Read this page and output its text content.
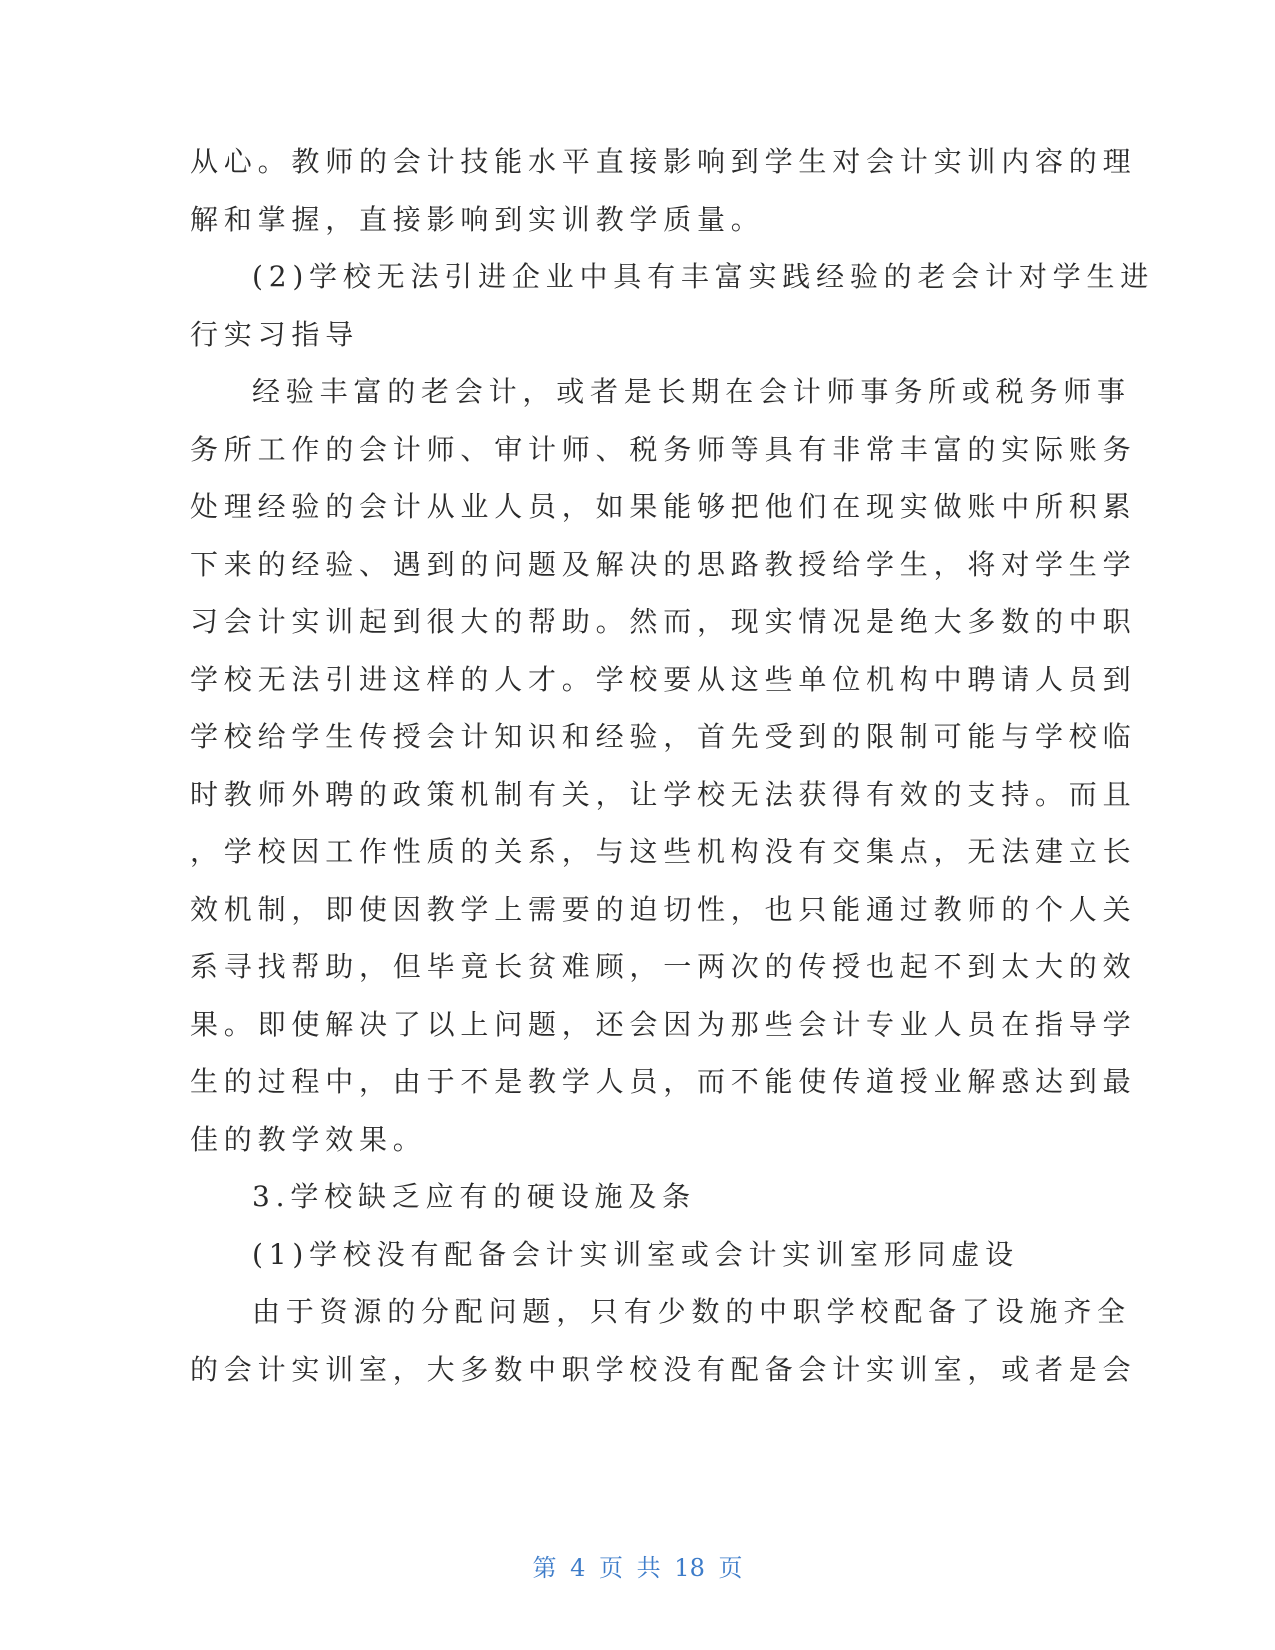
从心。教师的会计技能水平直接影响到学生对会计实训内容的理
解和掌握，直接影响到实训教学质量。
(2)学校无法引进企业中具有丰富实践经验的老会计对学生进
行实习指导
经验丰富的老会计，或者是长期在会计师事务所或税务师事
务所工作的会计师、审计师、税务师等具有非常丰富的实际账务
处理经验的会计从业人员，如果能够把他们在现实做账中所积累
下来的经验、遇到的问题及解决的思路教授给学生，将对学生学
习会计实训起到很大的帮助。然而，现实情况是绝大多数的中职
学校无法引进这样的人才。学校要从这些单位机构中聘请人员到
学校给学生传授会计知识和经验，首先受到的限制可能与学校临
时教师外聘的政策机制有关，让学校无法获得有效的支持。而且
，学校因工作性质的关系，与这些机构没有交集点，无法建立长
效机制，即使因教学上需要的迫切性，也只能通过教师的个人关
系寻找帮助，但毕竟长贫难顾，一两次的传授也起不到太大的效
果。即使解决了以上问题，还会因为那些会计专业人员在指导学
生的过程中，由于不是教学人员，而不能使传道授业解惑达到最
佳的教学效果。
3.学校缺乏应有的硬设施及条
(1)学校没有配备会计实训室或会计实训室形同虚设
由于资源的分配问题，只有少数的中职学校配备了设施齐全
的会计实训室，大多数中职学校没有配备会计实训室，或者是会
第 4 页 共 18 页
